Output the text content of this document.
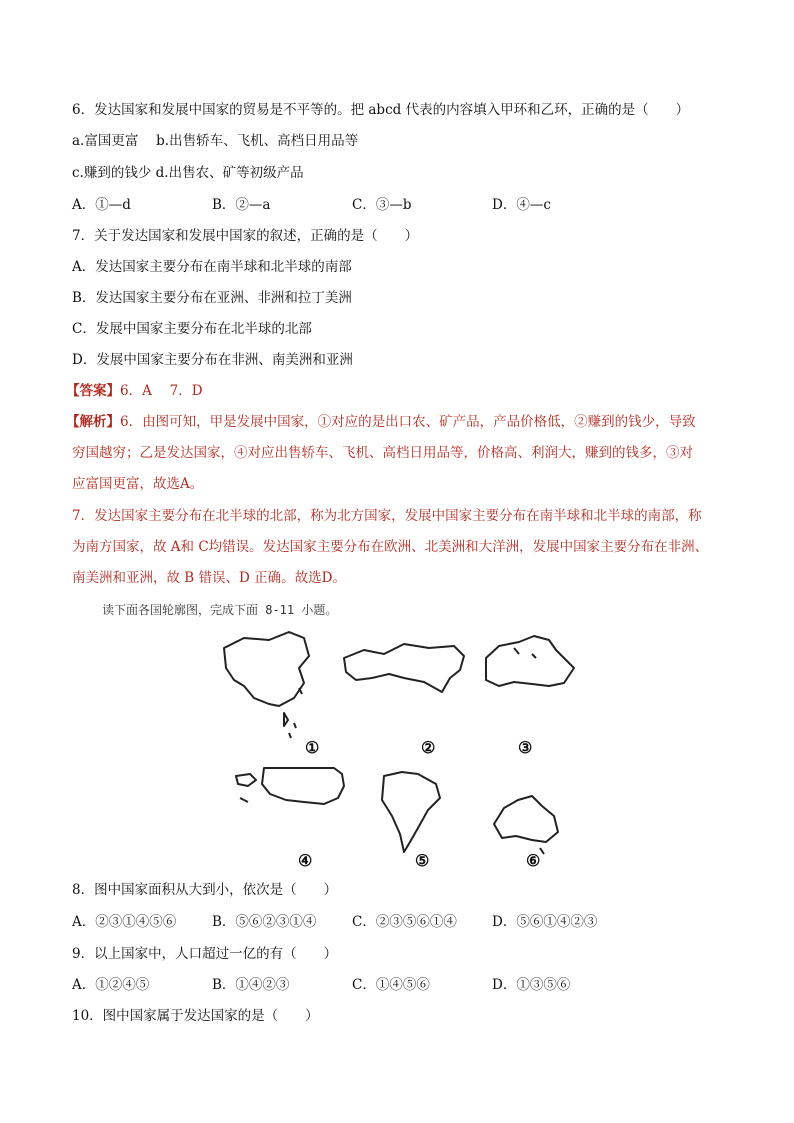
6．发达国家和发展中国家的贸易是不平等的。把 abcd 代表的内容填入甲环和乙环，正确的是（　　）
a.富国更富　 b.出售轿车、飞机、高档日用品等
c.赚到的钱少 d.出售农、矿等初级产品
A．①—d	B．②—a	C．③—b	D．④—c
7．关于发达国家和发展中国家的叙述，正确的是（　　）
A．发达国家主要分布在南半球和北半球的南部
B．发达国家主要分布在亚洲、非洲和拉丁美洲
C．发展中国家主要分布在北半球的北部
D．发展中国家主要分布在非洲、南美洲和亚洲
【答案】6．A　 7．D
【解析】6．由图可知，甲是发展中国家，①对应的是出口农、矿产品，产品价格低，②赚到的钱少，导致
穷国越穷；乙是发达国家，④对应出售轿车、飞机、高档日用品等，价格高、利润大，赚到的钱多，③对
应富国更富，故选A。
7．发达国家主要分布在北半球的北部，称为北方国家，发展中国家主要分布在南半球和北半球的南部，称
为南方国家，故 A和 C均错误。发达国家主要分布在欧洲、北美洲和大洋洲，发展中国家主要分布在非洲、
南美洲和亚洲，故 B 错误、D 正确。故选D。
读下面各国轮廓图，完成下面 8-11 小题。
①	②	③
④	⑤	⑥
8．图中国家面积从大到小，依次是（　　）
A．②③①④⑤⑥	B．⑤⑥②③①④	C．②③⑤⑥①④	D．⑤⑥①④②③
9．以上国家中，人口超过一亿的有（　　）
A．①②④⑤	B．①④②③	C．①④⑤⑥	D．①③⑤⑥
10．图中国家属于发达国家的是（　　）
